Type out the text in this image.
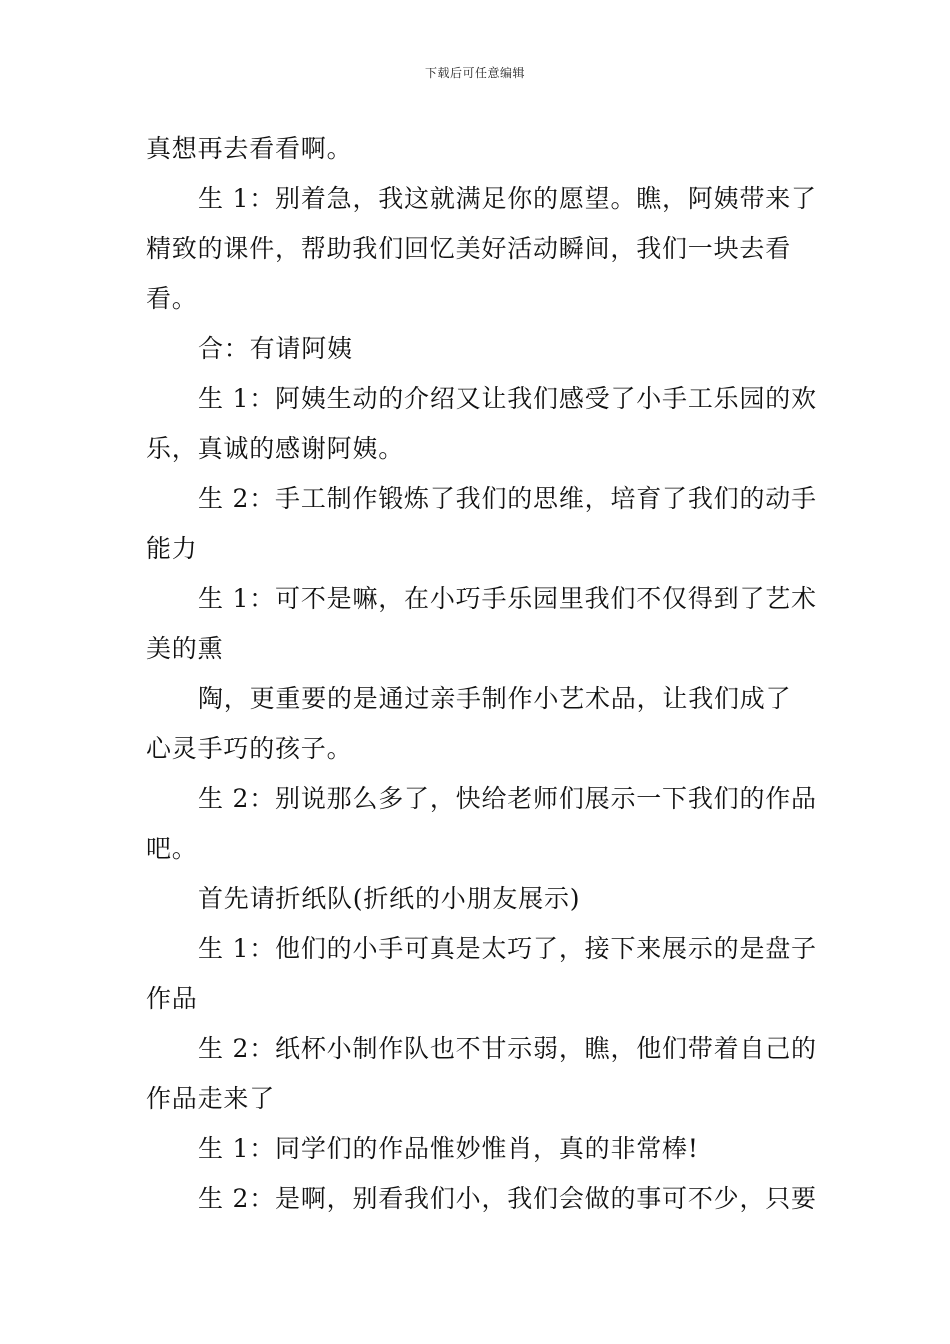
下载后可任意编辑
真想再去看看啊。
生 1：别着急，我这就满足你的愿望。瞧，阿姨带来了
精致的课件，帮助我们回忆美好活动瞬间，我们一块去看
看。
合：有请阿姨
生 1：阿姨生动的介绍又让我们感受了小手工乐园的欢
乐，真诚的感谢阿姨。
生 2：手工制作锻炼了我们的思维，培育了我们的动手
能力
生 1：可不是嘛，在小巧手乐园里我们不仅得到了艺术
美的熏
陶，更重要的是通过亲手制作小艺术品，让我们成了
心灵手巧的孩子。
生 2：别说那么多了，快给老师们展示一下我们的作品
吧。
首先请折纸队(折纸的小朋友展示)
生 1：他们的小手可真是太巧了，接下来展示的是盘子
作品
生 2：纸杯小制作队也不甘示弱，瞧，他们带着自己的
作品走来了
生 1：同学们的作品惟妙惟肖，真的非常棒!
生 2：是啊，别看我们小，我们会做的事可不少，只要
